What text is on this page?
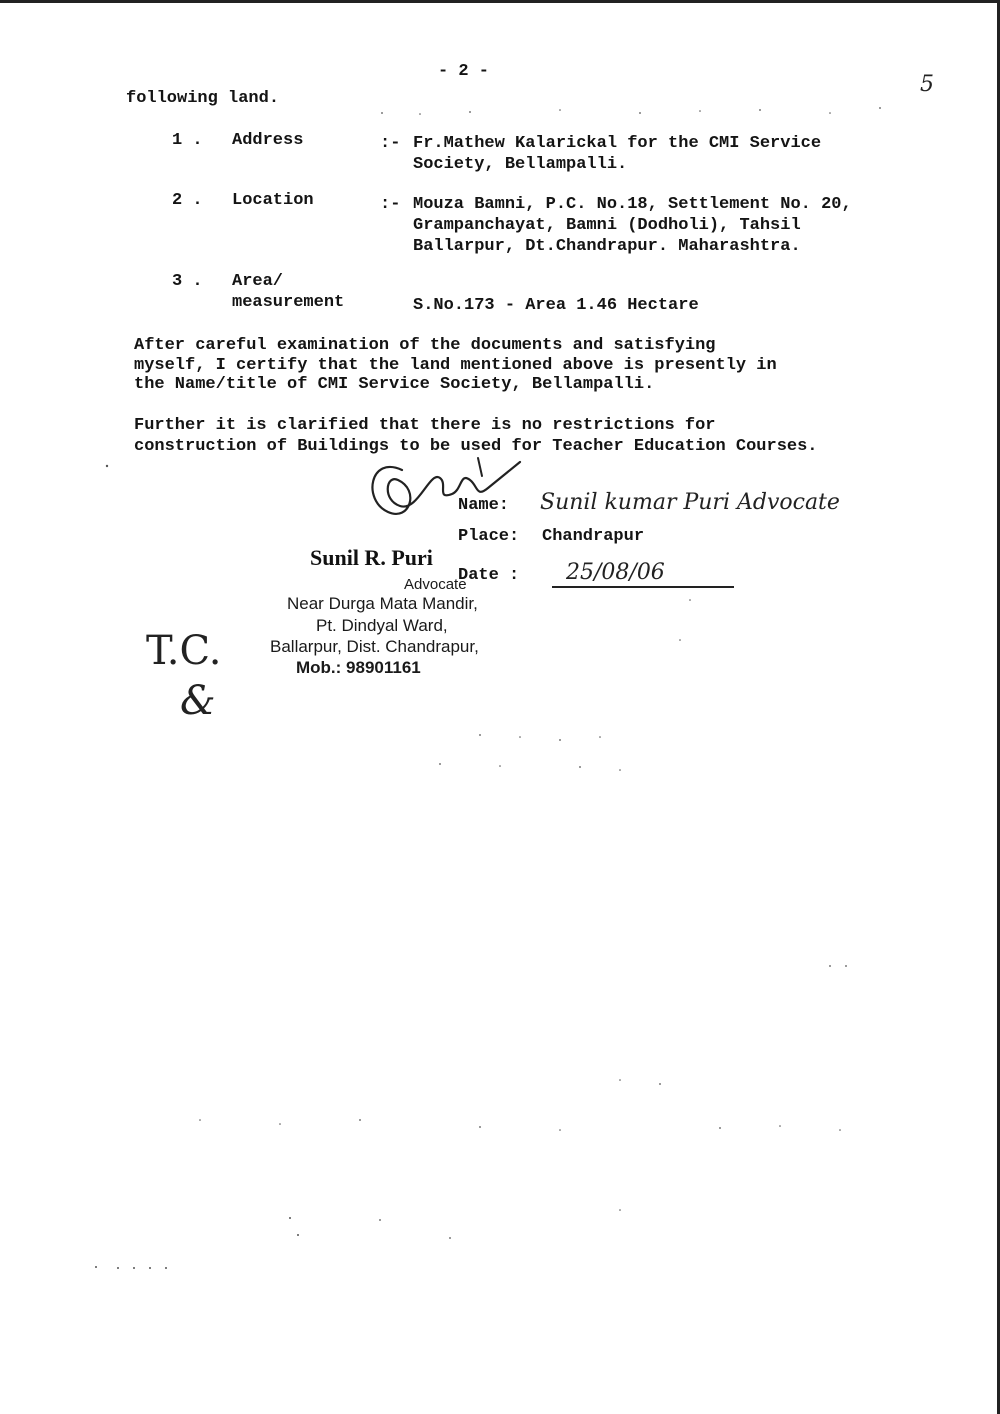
- 2 -
5
following land.
1 . Address	:- Fr.Mathew Kalarickal for the CMI Service
Society, Bellampalli.
2 . Location	:- Mouza Bamni, P.C. No.18, Settlement No. 20,
Grampanchayat, Bamni (Dodholi), Tahsil
Ballarpur, Dt.Chandrapur. Maharashtra.
3 . Area/
measurement	S.No.173 - Area 1.46 Hectare
After careful examination of the documents and satisfying
myself, I certify that the land mentioned above is presently in
the Name/title of CMI Service Society, Bellampalli.
Further it is clarified that there is no restrictions for
construction of Buildings to be used for Teacher Education Courses.
Name: Sunil kumar Puri Advocate
Place: Chandrapur
Date : 25/08/06
Sunil R. Puri
Advocate
Near Durga Mata Mandir,
Pt. Dindyal Ward,
Ballarpur, Dist. Chandrapur,
Mob.: 98901161
T.C.
&
